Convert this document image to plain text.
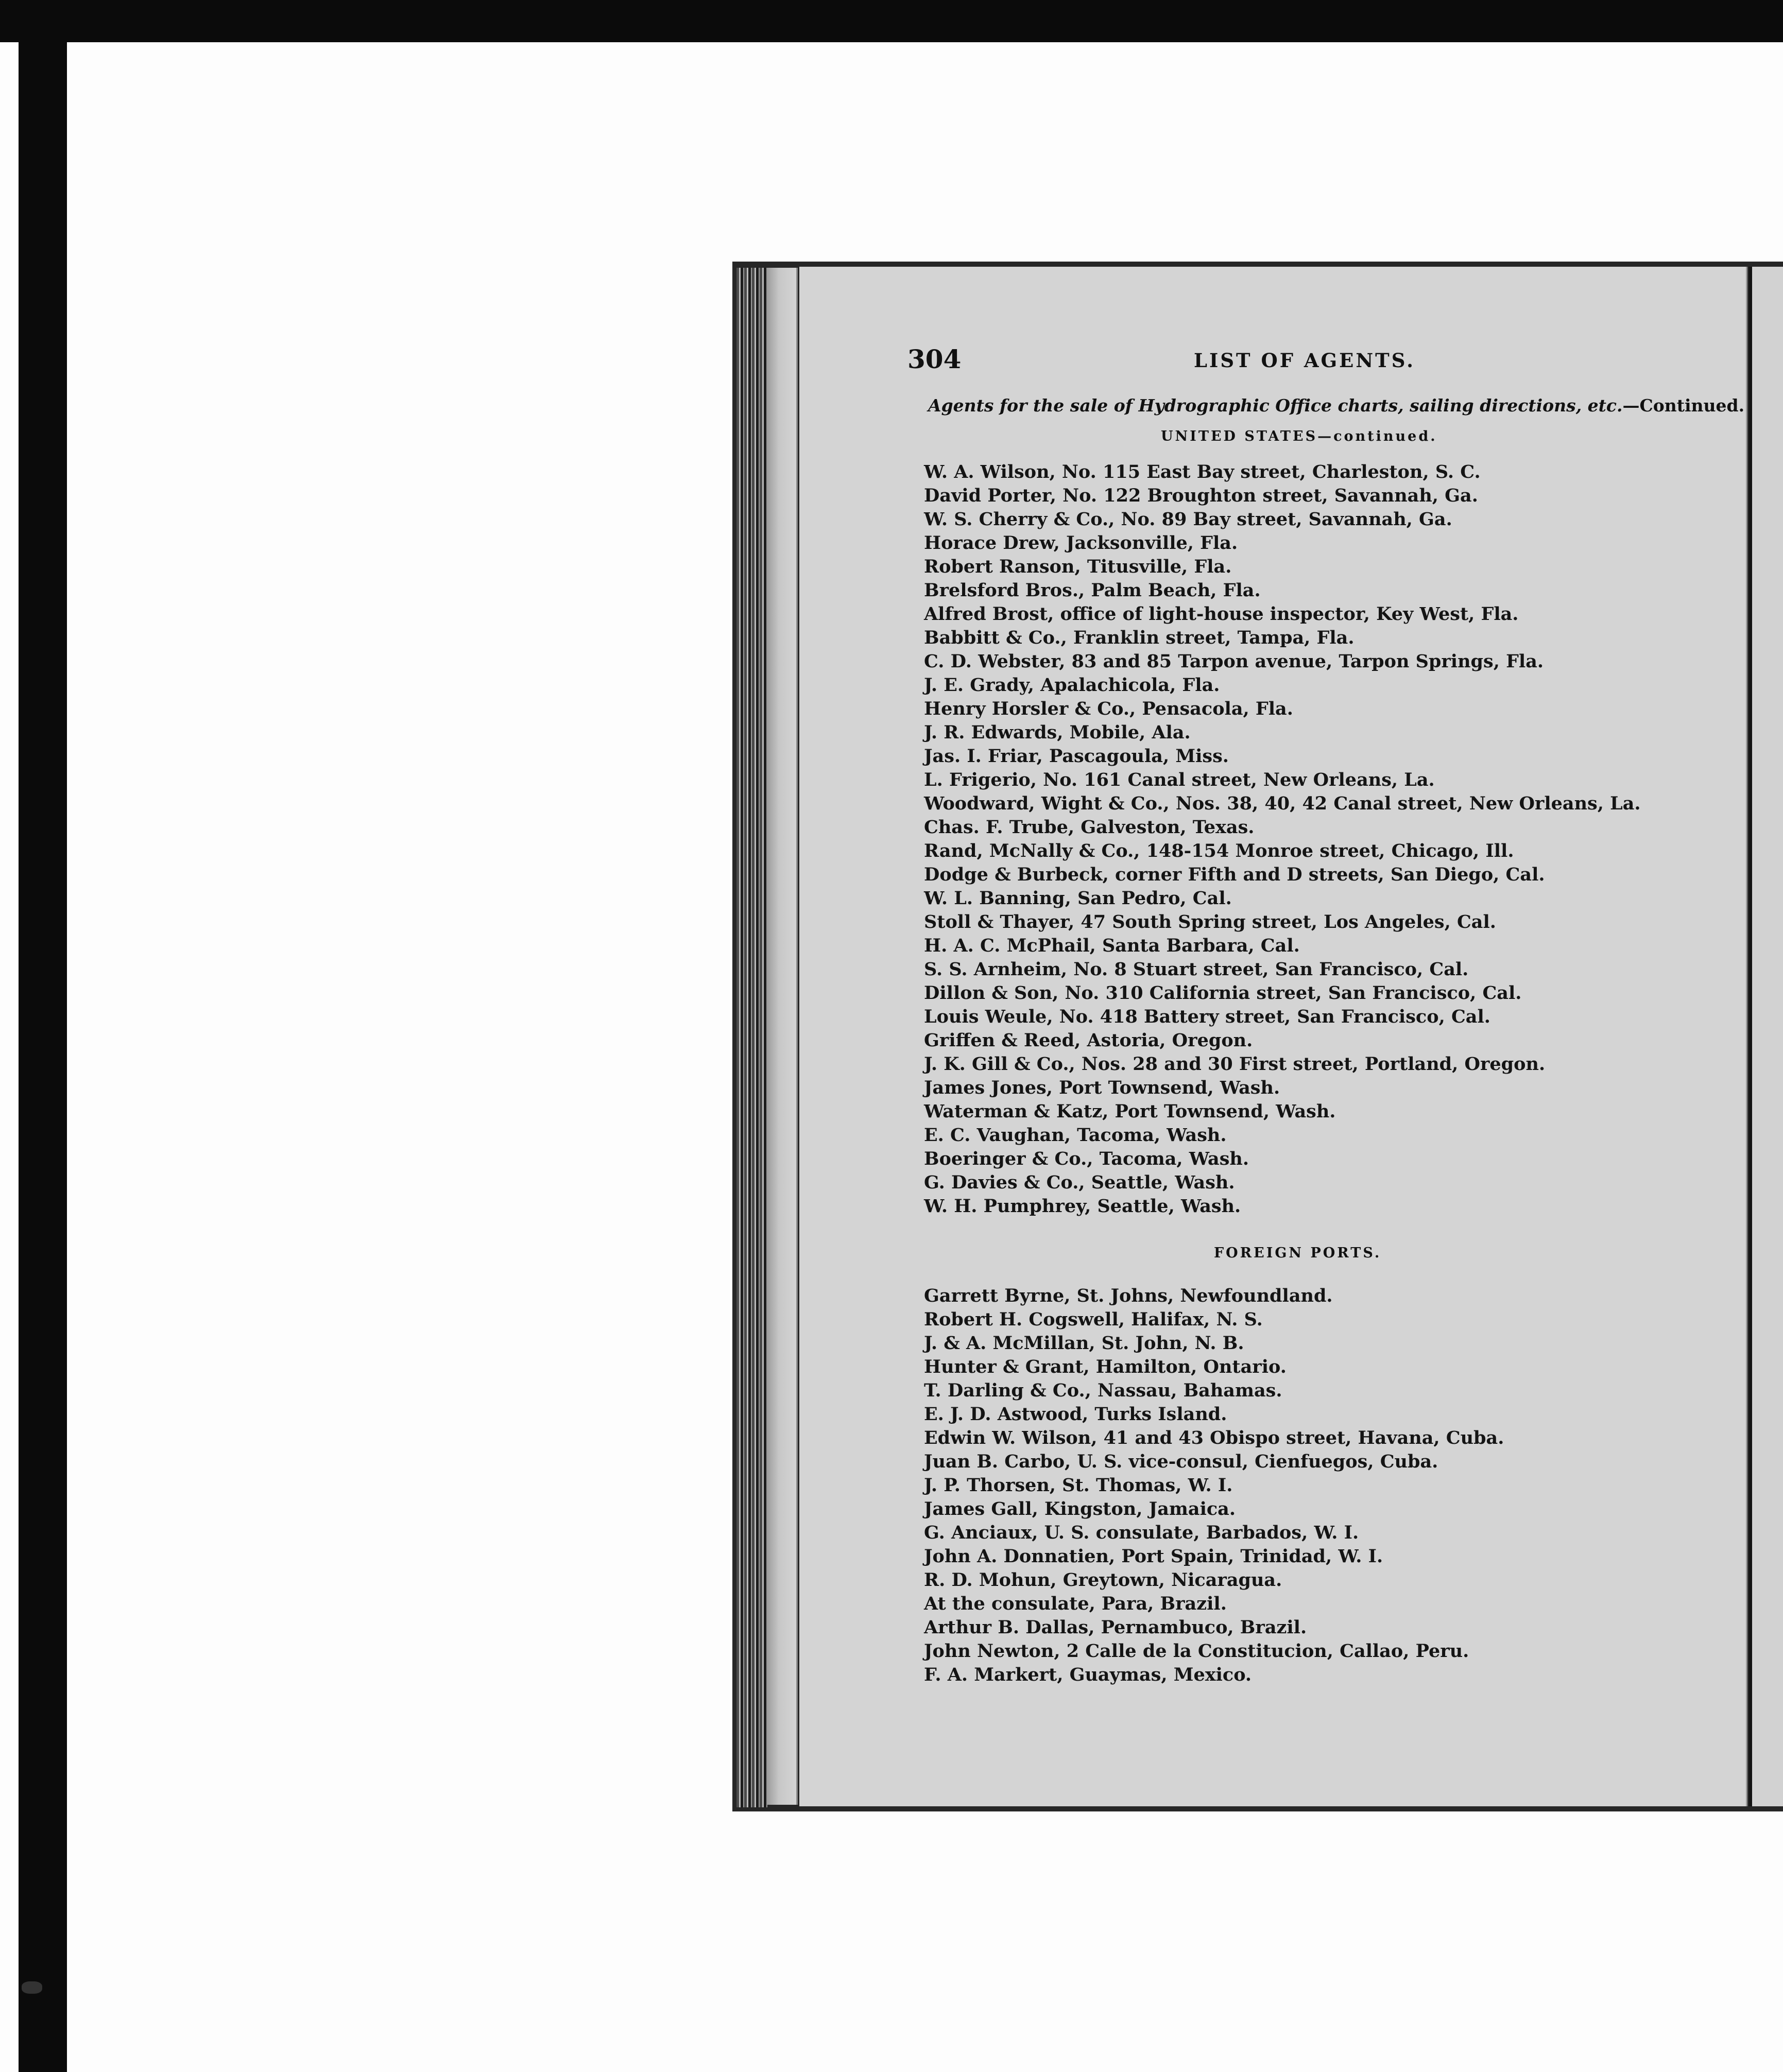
304	LIST OF AGENTS.
Agents for the sale of Hydrographic Office charts, sailing directions, etc.—Continued.
UNITED STATES—continued.
W. A. Wilson, No. 115 East Bay street, Charleston, S. C.
David Porter, No. 122 Broughton street, Savannah, Ga.
W. S. Cherry & Co., No. 89 Bay street, Savannah, Ga.
Horace Drew, Jacksonville, Fla.
Robert Ranson, Titusville, Fla.
Brelsford Bros., Palm Beach, Fla.
Alfred Brost, office of light-house inspector, Key West, Fla.
Babbitt & Co., Franklin street, Tampa, Fla.
C. D. Webster, 83 and 85 Tarpon avenue, Tarpon Springs, Fla.
J. E. Grady, Apalachicola, Fla.
Henry Horsler & Co., Pensacola, Fla.
J. R. Edwards, Mobile, Ala.
Jas. I. Friar, Pascagoula, Miss.
L. Frigerio, No. 161 Canal street, New Orleans, La.
Woodward, Wight & Co., Nos. 38, 40, 42 Canal street, New Orleans, La.
Chas. F. Trube, Galveston, Texas.
Rand, McNally & Co., 148-154 Monroe street, Chicago, Ill.
Dodge & Burbeck, corner Fifth and D streets, San Diego, Cal.
W. L. Banning, San Pedro, Cal.
Stoll & Thayer, 47 South Spring street, Los Angeles, Cal.
H. A. C. McPhail, Santa Barbara, Cal.
S. S. Arnheim, No. 8 Stuart street, San Francisco, Cal.
Dillon & Son, No. 310 California street, San Francisco, Cal.
Louis Weule, No. 418 Battery street, San Francisco, Cal.
Griffen & Reed, Astoria, Oregon.
J. K. Gill & Co., Nos. 28 and 30 First street, Portland, Oregon.
James Jones, Port Townsend, Wash.
Waterman & Katz, Port Townsend, Wash.
E. C. Vaughan, Tacoma, Wash.
Boeringer & Co., Tacoma, Wash.
G. Davies & Co., Seattle, Wash.
W. H. Pumphrey, Seattle, Wash.
FOREIGN PORTS.
Garrett Byrne, St. Johns, Newfoundland.
Robert H. Cogswell, Halifax, N. S.
J. & A. McMillan, St. John, N. B.
Hunter & Grant, Hamilton, Ontario.
T. Darling & Co., Nassau, Bahamas.
E. J. D. Astwood, Turks Island.
Edwin W. Wilson, 41 and 43 Obispo street, Havana, Cuba.
Juan B. Carbo, U. S. vice-consul, Cienfuegos, Cuba.
J. P. Thorsen, St. Thomas, W. I.
James Gall, Kingston, Jamaica.
G. Anciaux, U. S. consulate, Barbados, W. I.
John A. Donnatien, Port Spain, Trinidad, W. I.
R. D. Mohun, Greytown, Nicaragua.
At the consulate, Para, Brazil.
Arthur B. Dallas, Pernambuco, Brazil.
John Newton, 2 Calle de la Constitucion, Callao, Peru.
F. A. Markert, Guaymas, Mexico.
